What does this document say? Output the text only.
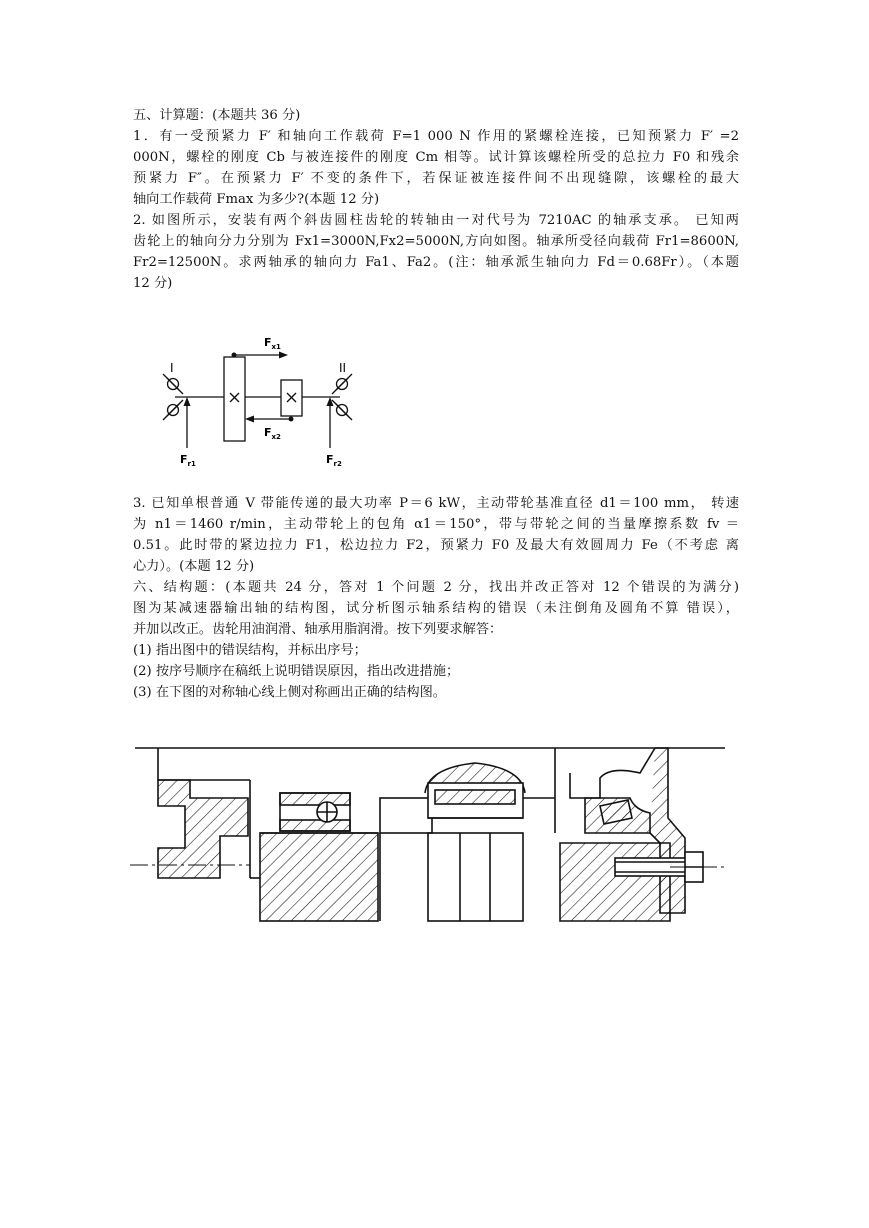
五、计算题：(本题共 36 分)
1．有一受预紧力 F′ 和轴向工作载荷 F=1 000 N 作用的紧螺栓连接，已知预紧力 F′ =2
000N，螺栓的刚度 Cb 与被连接件的刚度 Cm 相等。试计算该螺栓所受的总拉力 F0 和残余
预紧力 F″。在预紧力 F′ 不变的条件下，若保证被连接件间不出现缝隙，该螺栓的最大
轴向工作载荷 Fmax 为多少?(本题 12 分)
2. 如图所示，安装有两个斜齿圆柱齿轮的转轴由一对代号为 7210AC 的轴承支承。 已知两
齿轮上的轴向分力分别为 Fx1=3000N,Fx2=5000N,方向如图。轴承所受径向载荷 Fr1=8600N,
Fr2=12500N。求两轴承的轴向力 Fa1、Fa2。(注：轴承派生轴向力 Fd＝0.68Fr）。（本题
12 分)
I	II
$F_{x1}$
$F_{x2}$
$F_{r1}$	$F_{r2}$
3. 已知单根普通 V 带能传递的最大功率 P＝6 kW，主动带轮基准直径 d1＝100 mm， 转速
为 n1＝1460 r/min，主动带轮上的包角 α1＝150°，带与带轮之间的当量摩擦系数 fv ＝
0.51。此时带的紧边拉力 F1，松边拉力 F2，预紧力 F0 及最大有效圆周力 Fe（不考虑 离
心力）。(本题 12 分)
六、结构题：(本题共 24 分，答对 1 个问题 2 分，找出并改正答对 12 个错误的为满分)
图为某减速器输出轴的结构图，试分析图示轴系结构的错误（未注倒角及圆角不算 错误），
并加以改正。齿轮用油润滑、轴承用脂润滑。按下列要求解答：
(1) 指出图中的错误结构，并标出序号；
(2) 按序号顺序在稿纸上说明错误原因，指出改进措施；
(3) 在下图的对称轴心线上侧对称画出正确的结构图。
